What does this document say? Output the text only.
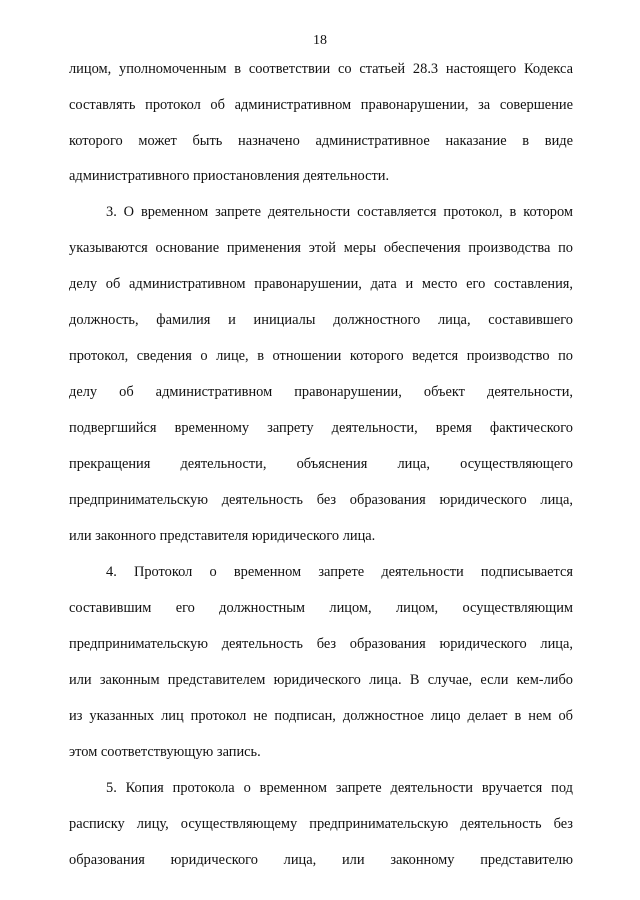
18
лицом, уполномоченным в соответствии со статьей 28.3 настоящего Кодекса
составлять протокол об административном правонарушении, за совершение
которого может быть назначено административное наказание в виде
административного приостановления деятельности.
3. О временном запрете деятельности составляется протокол, в котором
указываются основание применения этой меры обеспечения производства по
делу об административном правонарушении, дата и место его составления,
должность, фамилия и инициалы должностного лица, составившего
протокол, сведения о лице, в отношении которого ведется производство по
делу об административном правонарушении, объект деятельности,
подвергшийся временному запрету деятельности, время фактического
прекращения деятельности, объяснения лица, осуществляющего
предпринимательскую деятельность без образования юридического лица,
или законного представителя юридического лица.
4. Протокол о временном запрете деятельности подписывается
составившим его должностным лицом, лицом, осуществляющим
предпринимательскую деятельность без образования юридического лица,
или законным представителем юридического лица. В случае, если кем-либо
из указанных лиц протокол не подписан, должностное лицо делает в нем об
этом соответствующую запись.
5. Копия протокола о временном запрете деятельности вручается под
расписку лицу, осуществляющему предпринимательскую деятельность без
образования юридического лица, или законному представителю
